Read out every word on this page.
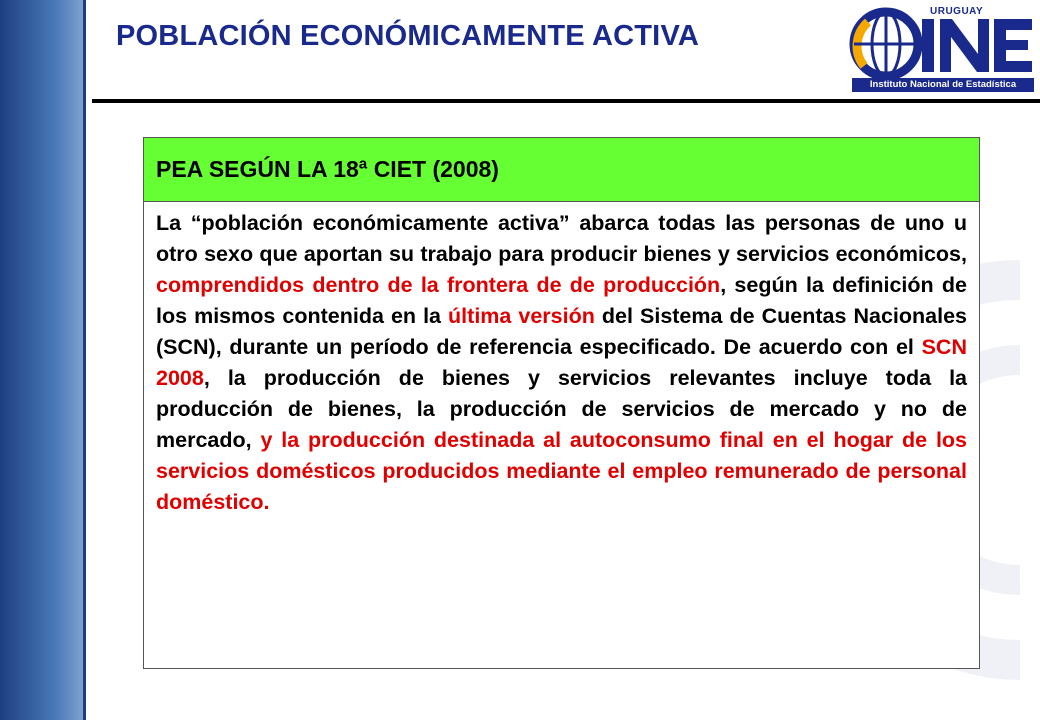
POBLACIÓN ECONÓMICAMENTE ACTIVA
URUGUAY
Instituto Nacional de Estadística
PEA SEGÚN LA 18ª CIET (2008)
La “población económicamente activa” abarca todas las personas de uno u otro sexo que aportan su trabajo para producir bienes y servicios económicos, comprendidos dentro de la frontera de de producción, según la definición de los mismos contenida en la última versión del Sistema de Cuentas Nacionales (SCN), durante un período de referencia especificado. De acuerdo con el SCN 2008, la producción de bienes y servicios relevantes incluye toda la producción de bienes, la producción de servicios de mercado y no de mercado, y la producción destinada al autoconsumo final en el hogar de los servicios domésticos producidos mediante el empleo remunerado de personal doméstico.
